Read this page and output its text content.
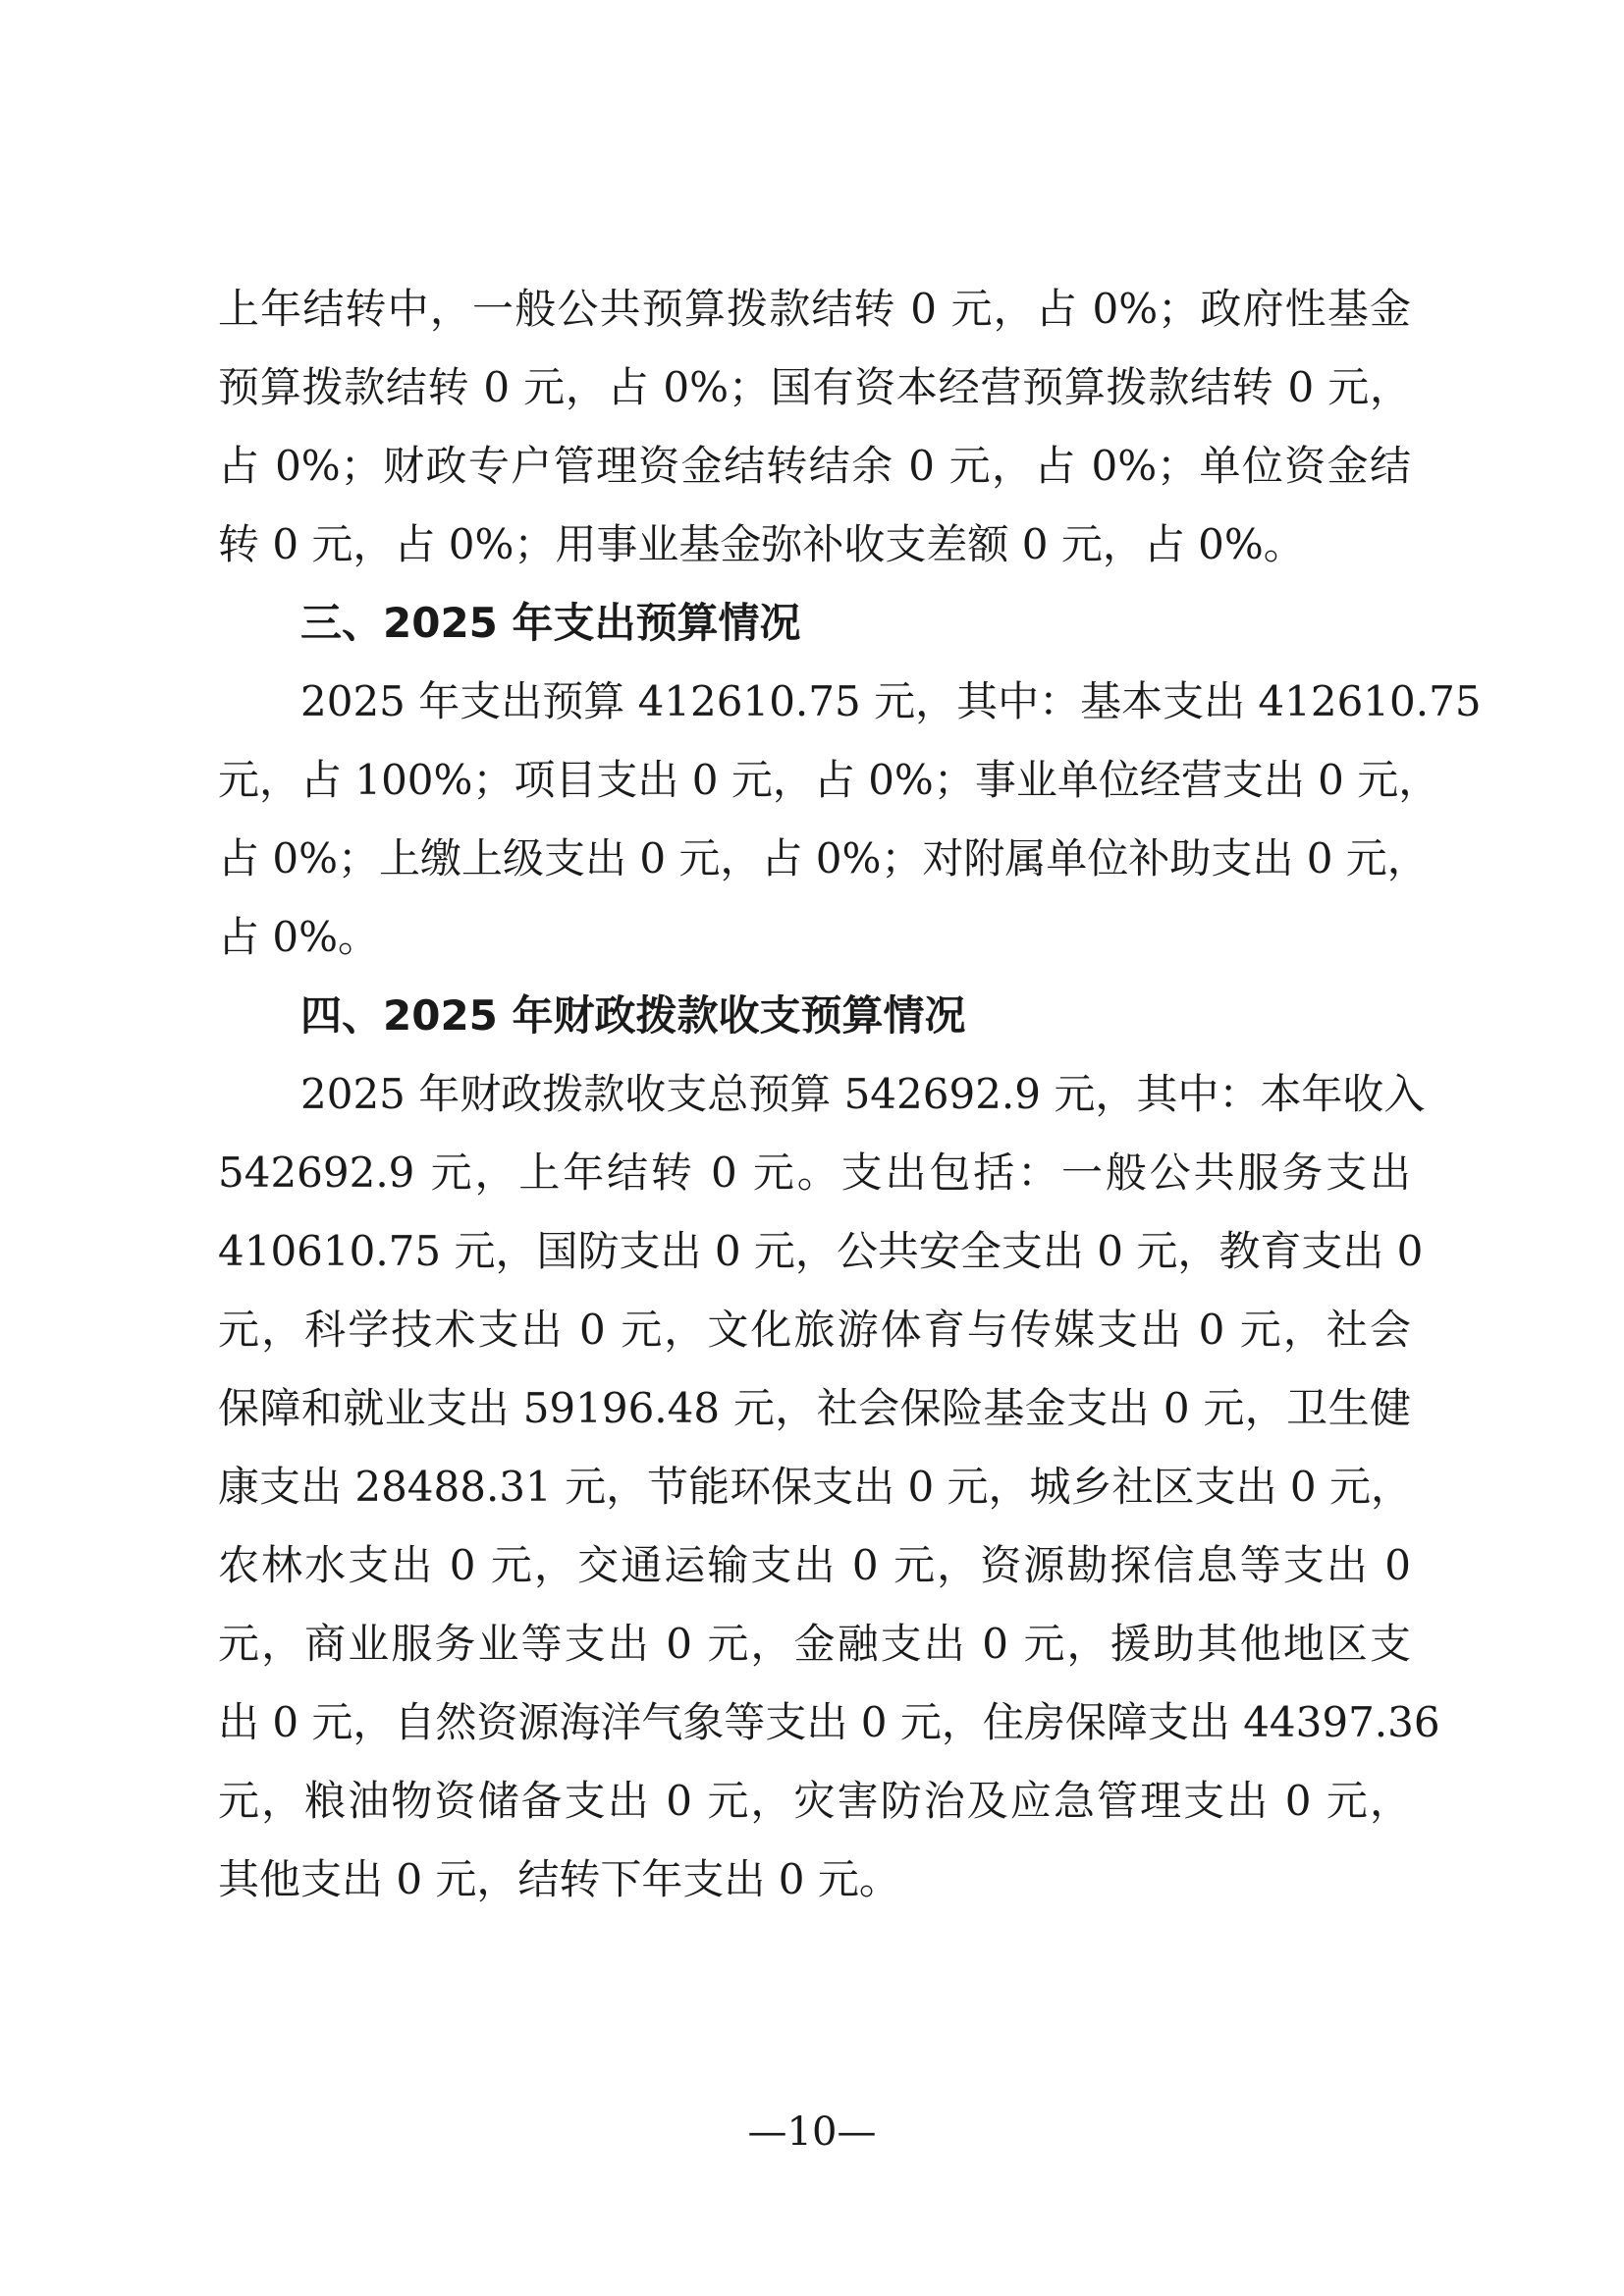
上年结转中，一般公共预算拨款结转 0 元，占 0%；政府性基金
预算拨款结转 0 元，占 0%；国有资本经营预算拨款结转 0 元，
占 0%；财政专户管理资金结转结余 0 元，占 0%；单位资金结
转 0 元，占 0%；用事业基金弥补收支差额 0 元，占 0%。
三、2025 年支出预算情况
2025 年支出预算 412610.75 元，其中：基本支出 412610.75
元，占 100%；项目支出 0 元，占 0%；事业单位经营支出 0 元，
占 0%；上缴上级支出 0 元，占 0%；对附属单位补助支出 0 元，
占 0%。
四、2025 年财政拨款收支预算情况
2025 年财政拨款收支总预算 542692.9 元，其中：本年收入
542692.9 元，上年结转 0 元。支出包括：一般公共服务支出
410610.75 元，国防支出 0 元，公共安全支出 0 元，教育支出 0
元，科学技术支出 0 元，文化旅游体育与传媒支出 0 元，社会
保障和就业支出 59196.48 元，社会保险基金支出 0 元，卫生健
康支出 28488.31 元，节能环保支出 0 元，城乡社区支出 0 元，
农林水支出 0 元，交通运输支出 0 元，资源勘探信息等支出 0
元，商业服务业等支出 0 元，金融支出 0 元，援助其他地区支
出 0 元，自然资源海洋气象等支出 0 元，住房保障支出 44397.36
元，粮油物资储备支出 0 元，灾害防治及应急管理支出 0 元，
其他支出 0 元，结转下年支出 0 元。
—10—
